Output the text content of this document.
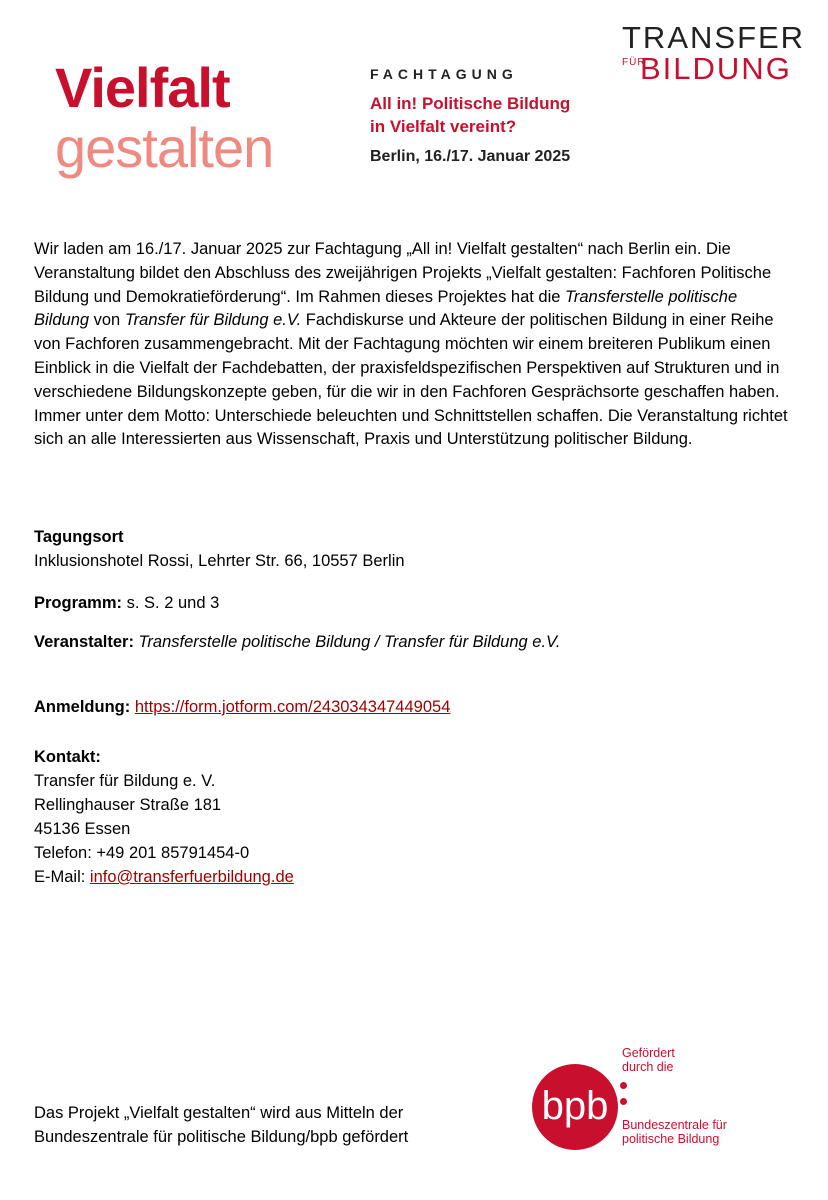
Vielfalt
gestalten
FACHTAGUNG
All in! Politische Bildung
in Vielfalt vereint?
Berlin, 16./17. Januar 2025
TRANSFER
FÜR
BILDUNG
Wir laden am 16./17. Januar 2025 zur Fachtagung „All in! Vielfalt gestalten“ nach Berlin ein. Die Veranstaltung bildet den Abschluss des zweijährigen Projekts „Vielfalt gestalten: Fachforen Politische Bildung und Demokratieförderung“. Im Rahmen dieses Projektes hat die Transferstelle politische Bildung von Transfer für Bildung e.V. Fachdiskurse und Akteure der politischen Bildung in einer Reihe von Fachforen zusammengebracht. Mit der Fachtagung möchten wir einem breiteren Publikum einen Einblick in die Vielfalt der Fachdebatten, der praxisfeldspezifischen Perspektiven auf Strukturen und in verschiedene Bildungskonzepte geben, für die wir in den Fachforen Gesprächsorte geschaffen haben. Immer unter dem Motto: Unterschiede beleuchten und Schnittstellen schaffen. Die Veranstaltung richtet sich an alle Interessierten aus Wissenschaft, Praxis und Unterstützung politischer Bildung.
Tagungsort
Inklusionshotel Rossi, Lehrter Str. 66, 10557 Berlin
Programm: s. S. 2 und 3
Veranstalter: Transferstelle politische Bildung / Transfer für Bildung e.V.
Anmeldung: https://form.jotform.com/243034347449054
Kontakt:
Transfer für Bildung e. V.
Rellinghauser Straße 181
45136 Essen
Telefon: +49 201 85791454-0
E-Mail: info@transferfuerbildung.de
Das Projekt „Vielfalt gestalten“ wird aus Mitteln der
Bundeszentrale für politische Bildung/bpb gefördert
Gefördert
durch die
bpb	Bundeszentrale für
politische Bildung
